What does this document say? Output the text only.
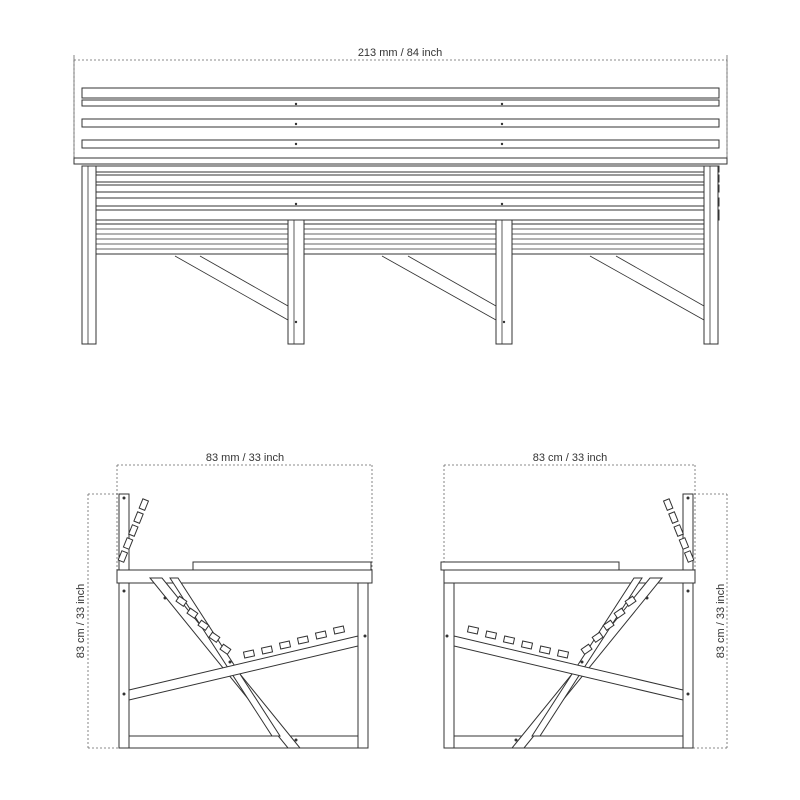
213 mm / 84 inch
83 mm / 33 inch
83 cm / 33 inch
83 cm / 33 inch
83 cm / 33 inch
